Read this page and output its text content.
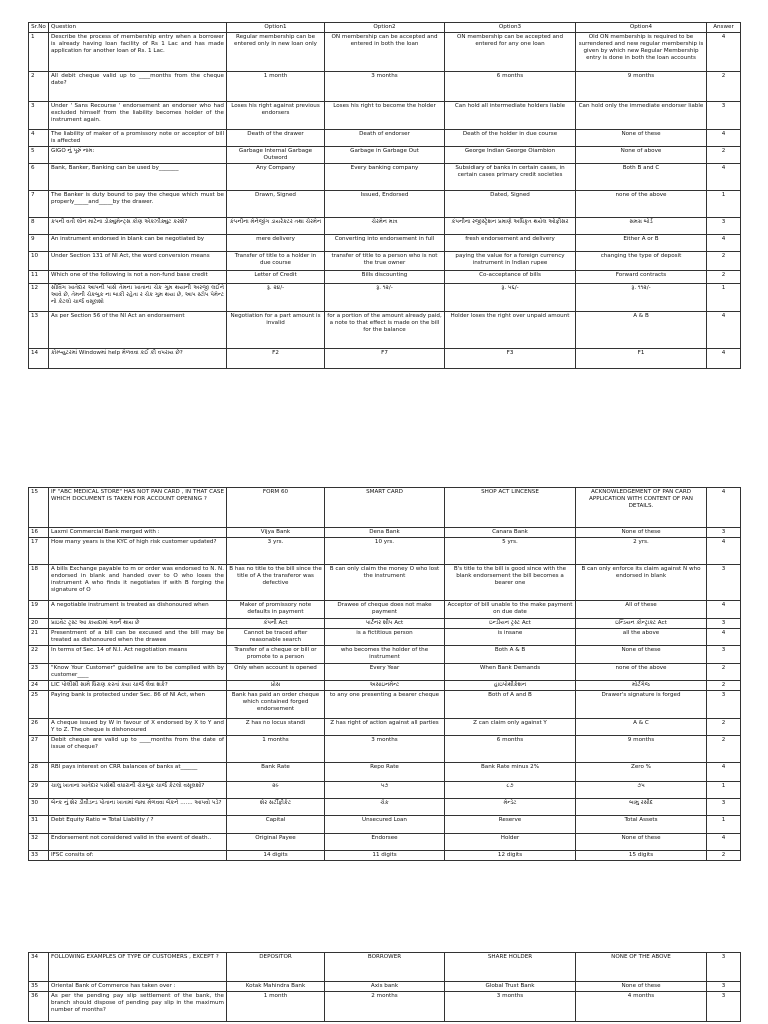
Sr.No	Question	Option1	Option2	Option3	Option4	Answer
1	Describe the process of membership entry when a borrower is already having loan facility of Rs 1 Lac and has made application for another loan of Rs. 1 Lac.	Regular membership can be entered only in new loan only	ON membership can be accepted and entered in both the loan	ON membership can be accepted and entered for any one loan	Old ON membership is required to be surrendered and new regular membership is given by which new Regular Membership entry is done in both the loan accounts	4
2	All debit cheque valid up to ____months from the cheque date?	1 month	3 months	6 months	9 months	2
3	Under ' Sans Recourse ' endorsement an endorser who had excluded himself from the liability becomes holder of the instrument again.	Loses his right against previous endorsers	Loses his right to become the holder	Can hold all intermediate holders liable	Can hold only the immediate endorser liable	3
4	The liability of maker of a promissory note or acceptor of bill is affected	Death of the drawer	Death of endorser	Death of the holder in due course	None of these	4
5	GIGO નું પૂરું નામ:	Garbage Internal Garbage Outword	Garbage in Garbage Out	George Indian George Oiambion	None of above	2
6	Bank, Banker, Banking can be used by_______	Any Company	Every banking company	Subsidiary of banks in certain cases, in certain cases primary credit societies	Both B and C	4
7	The Banker is duty bound to pay the cheque which must be properly_____and_____by the drawer.	Drawn, Signed	Issued, Endorsed	Dated, Signed	none of the above	1
8	કપની વતી લોન માટેના ડોક્યુમેન્ટ્સ કોણ એક્ઝીક્યુટ કરશે?	કંપનીના મેનેજીંગ ડાયરેક્ટર તથા ચેરમેન	ચેરમેન માત્ર	કંપનીના રજીસ્ટ્રેશન પ્રમાણે અધિકૃત થયેલ ઓફીસર	સમગ્ર બોર્ડ	3
9	An instrument endorsed in blank can be negotiated by	mere delivery	Converting into endorsement in full	fresh endorsement and delivery	Either A or B	4
10	Under Section 131 of NI Act, the word conversion means	Transfer of title to a holder in due course	transfer of title to a person who is not the true owner	paying the value for a foreign currency instrument in Indian rupee	changing the type of deposit	2
11	Which one of the following is not a non-fund base credit	Letter of Credit	Bills discounting	Co-acceptance of bills	Forward contracts	2
12	સીવિંગ ખાતેદાર આપની પાસે તેમના ખાતાના ચેક ગુમ થયાની અરજી લઈને આવે છે, તેમની ચેકબુક ના બાકી રહેતા ર ચેક ગુમ થયા છે, આપ સ્ટોપ પેમેન્ટ નો કેટલો ચાર્જ વસૂલશો	રૂ. ૨૪/-	રૂ. ૧૨/-	રૂ. ૫૬/-	રૂ. ૧૧૨/-	1
13	As per Section 56 of the NI Act an endorsement	Negotiation for a part amount is invalid	for a portion of the amount already paid, a note to that effect is made on the bill for the balance	Holder loses the right over unpaid amount	A & B	4
14	કોમ્પ્યુટરમાં Windowમાં help મેળવવા કઈ કી વપરાય છે?	F2	F7	F3	F1	4
15	IF "ABC MEDICAL STORE" HAS NOT PAN CARD , IN THAT CASE WHICH DOCUMENT IS TAKEN FOR ACCOUNT OPENING ?	FORM 60	SMART CARD	SHOP ACT LINCENSE	ACKNOWLEDGEMENT OF PAN CARD APPLICATION WITH CONTENT OF PAN DETAILS.	4
16	Laxmi Commercial Bank merged with :	Vijya Bank	Dena Bank	Canara Bank	None of these	3
17	How many years is the KYC of high risk customer updated?	3 yrs.	10 yrs.	5 yrs.	2 yrs.	4
18	A bills Exchange payable to m or order was endorsed to N. N. endorsed in blank and handed over to O who loses the instrument A who finds it negotiates if with B forging the signature of O	B has no title to the bill since the title of A the transferor was defective	B can only claim the money O who lost the instrument	B's title to the bill is good since with the blank endorsement the bill becomes a bearer one	B can only enforce its claim against N who endorsed in blank	3
19	A negotiable instrument is treated as dishonoured when	Maker of promissory note defaults in payment	Drawee of cheque does not make payment	Acceptor of bill unable to the make payment on due date	All of these	4
20	પ્રાઇવેટ ટ્રસ્ટ આ કાયદામાં ગવર્ન થાય છે	કંપની Act	પાર્ટનર શીપ Act	ઇન્ડીયન ટ્રસ્ટ Act	ઇન્ડિયન કોન્ટ્રાક્ટ Act	3
21	Presentment of a bill can be excused and the bill may be treated as dishonoured when the drawee	Cannot be traced after reasonable search	is a fictitious person	is insane	all the above	4
22	In terms of Sec. 14 of N.I. Act negotiation means	Transfer of a cheque or bill or promote to a person	who becomes the holder of the instrument	Both A & B	None of these	3
23	"Know Your Customer" guideline are to be complied with by customer____	Only when account is opened	Every Year	When Bank Demands	none of the above	2
24	LIC પોલીસી સામે ધિરાણ કરતાં કયા ચાર્જ લેવા શકે?	પ્રોસ	અસાઇનમેન્ટ	હાઇપોથીકેશન	મોર્ટગેજ	2
25	Paying bank is protected under Sec. 86 of NI Act, when	Bank has paid an order cheque which contained forged endorsement	to any one presenting a bearer cheque	Both of A and B	Drawer's signature is forged	3
26	A cheque issued by W in favour of X endorsed by X to Y and Y to Z. The cheque is dishonoured	Z has no locus standi	Z has right of action against all parties	Z can claim only against Y	A & C	2
27	Debit cheque are valid up to ____months from the date of issue of cheque?	1 months	3 months	6 months	9 months	2
28	RBI pays interest on CRR balances of banks at______	Bank Rate	Repo Rate	Bank Rate minus 2%	Zero %	4
29	ચાલુ ખાતાના ખાતેદાર પાસેથી વધારાની ચેકબુક ચાર્જ કેટલો વસૂલશો?	૨૯	૫૭	૮૭	૭૫	1
30	બેન્ક નું શેર ડીવીડન્ડ પોતાના ખાતામાં જમા મેળવવા બેંકને ....... આપવો પડે?	શેર સર્ટીફીકેટ	ચેક	મેન્ડેટ	બામુ રસીદ	3
31	Debt Equity Ratio = Total Liability / ?	Capital	Unsecured Loan	Reserve	Total Assets	1
32	Endorsement not considered valid in the event of death..	Original Payee	Endorsee	Holder	None of these	4
33	IFSC consits of:	14 digits	11 digits	12 digits	15 digits	2
34	FOLLOWING EXAMPLES OF TYPE OF CUSTOMERS , EXCEPT ?	DEPOSITOR	BORROWER	SHARE HOLDER	NONE OF THE ABOVE	3
35	Oriental Bank of Commerce has taken over :	Kotak Mahindra Bank	Axis bank	Global Trust Bank	None of these	3
36	As per the pending pay slip settlement of the bank, the branch should dispose of pending pay slip in the maximum number of months?	1 month	2 months	3 months	4 months	3
